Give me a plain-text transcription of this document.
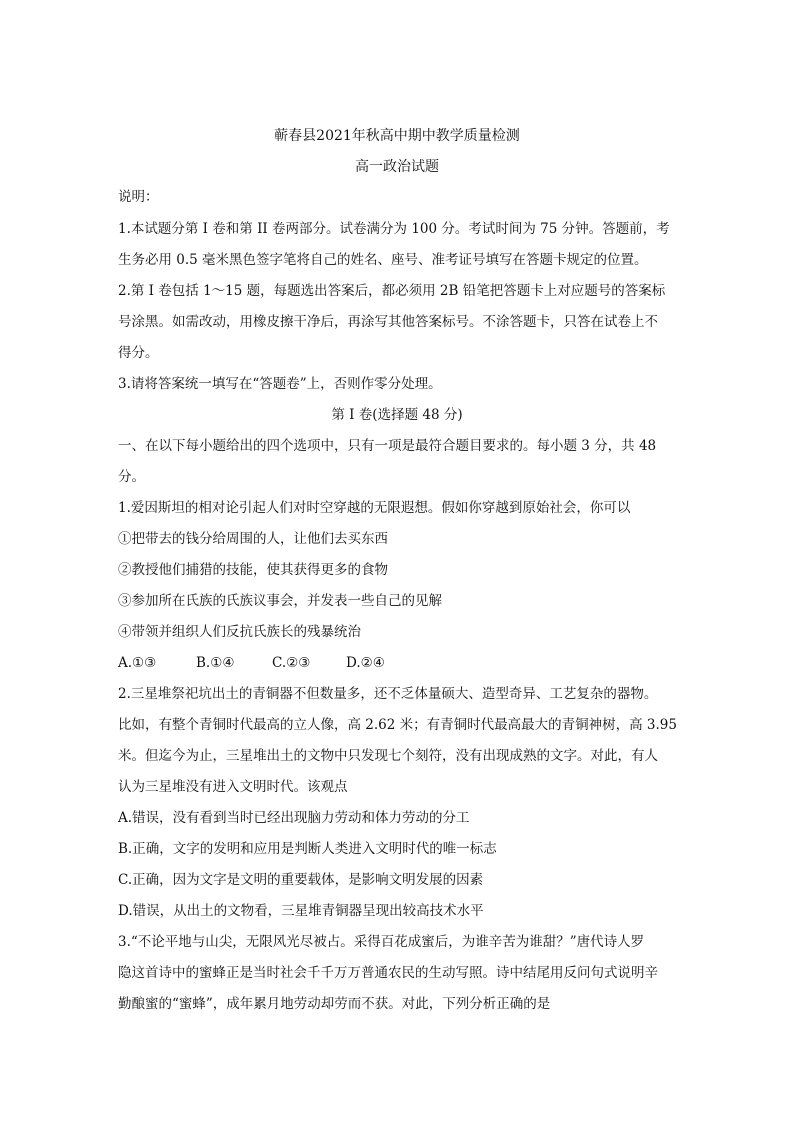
蕲春县2021年秋高中期中教学质量检测
高一政治试题
说明：
1.本试题分第 I 卷和第 II 卷两部分。试卷满分为 100 分。考试时间为 75 分钟。答题前，考
生务必用 0.5 毫米黑色签字笔将自己的姓名、座号、准考证号填写在答题卡规定的位置。
2.第 I 卷包括 1～15 题，每题选出答案后，都必须用 2B 铅笔把答题卡上对应题号的答案标
号涂黑。如需改动，用橡皮擦干净后，再涂写其他答案标号。不涂答题卡，只答在试卷上不
得分。
3.请将答案统一填写在“答题卷”上，否则作零分处理。
第 I 卷(选择题 48 分)
一、在以下每小题给出的四个选项中，只有一项是最符合题目要求的。每小题 3 分，共 48
分。
1.爱因斯坦的相对论引起人们对时空穿越的无限遐想。假如你穿越到原始社会，你可以
①把带去的钱分给周围的人，让他们去买东西
②教授他们捕猎的技能，使其获得更多的食物
③参加所在氏族的氏族议事会，并发表一些自己的见解
④带领并组织人们反抗氏族长的残暴统治
A.①③	B.①④	C.②③	D.②④
2.三星堆祭祀坑出土的青铜器不但数量多，还不乏体量硕大、造型奇异、工艺复杂的器物。
比如，有整个青铜时代最高的立人像，高 2.62 米；有青铜时代最高最大的青铜神树，高 3.95
米。但迄今为止，三星堆出土的文物中只发现七个刻符，没有出现成熟的文字。对此，有人
认为三星堆没有进入文明时代。该观点
A.错误，没有看到当时已经出现脑力劳动和体力劳动的分工
B.正确，文字的发明和应用是判断人类进入文明时代的唯一标志
C.正确，因为文字是文明的重要载体，是影响文明发展的因素
D.错误，从出土的文物看，三星堆青铜器呈现出较高技术水平
3.“不论平地与山尖，无限风光尽被占。采得百花成蜜后，为谁辛苦为谁甜？”唐代诗人罗
隐这首诗中的蜜蜂正是当时社会千千万万普通农民的生动写照。诗中结尾用反问句式说明辛
勤酿蜜的“蜜蜂”，成年累月地劳动却劳而不获。对此，下列分析正确的是
